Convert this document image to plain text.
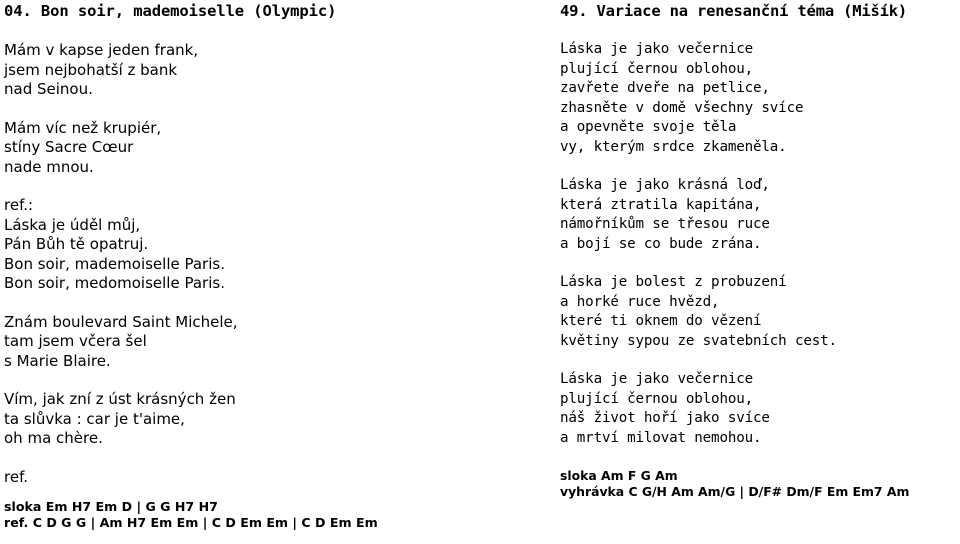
04. Bon soir, mademoiselle (Olympic)
Mám v kapse jeden frank,
jsem nejbohatší z bank
nad Seinou.
Mám víc než krupiér,
stíny Sacre Cœur
nade mnou.
ref.:
Láska je úděl můj,
Pán Bůh tě opatruj.
Bon soir, mademoiselle Paris.
Bon soir, medomoiselle Paris.
Znám boulevard Saint Michele,
tam jsem včera šel
s Marie Blaire.
Vím, jak zní z úst krásných žen
ta slůvka : car je t'aime,
oh ma chère.
ref.
sloka Em H7 Em D | G G H7 H7
ref. C D G G | Am H7 Em Em | C D Em Em | C D Em Em
49. Variace na renesanční téma (Mišík)
Láska je jako večernice
plující černou oblohou,
zavřete dveře na petlice,
zhasněte v domě všechny svíce
a opevněte svoje těla
vy, kterým srdce zkameněla.
Láska je jako krásná loď,
která ztratila kapitána,
námořníkům se třesou ruce
a bojí se co bude zrána.
Láska je bolest z probuzení
a horké ruce hvězd,
které ti oknem do vězení
květiny sypou ze svatebních cest.
Láska je jako večernice
plující černou oblohou,
náš život hoří jako svíce
a mrtví milovat nemohou.
sloka Am F G Am
vyhrávka C G/H Am Am/G | D/F# Dm/F Em Em7 Am
